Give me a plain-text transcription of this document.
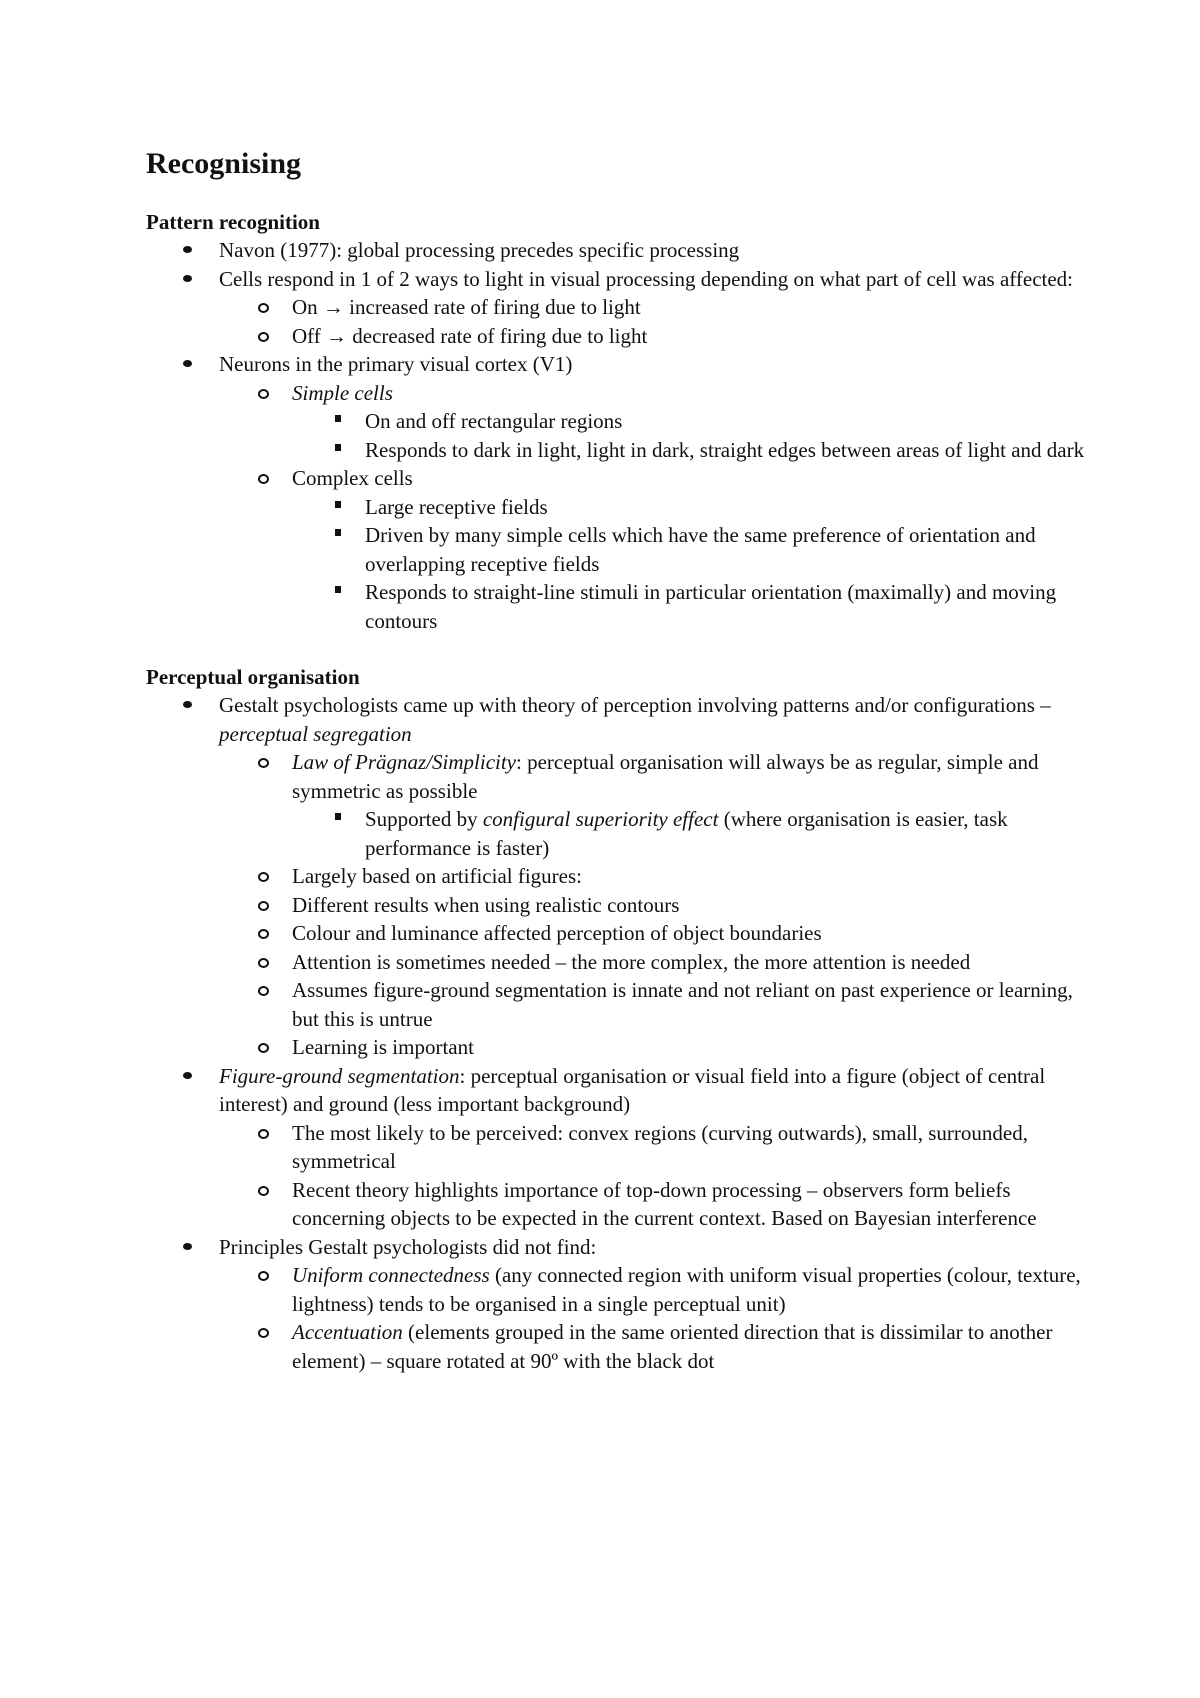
Recognising
Pattern recognition
Navon (1977): global processing precedes specific processing
Cells respond in 1 of 2 ways to light in visual processing depending on what part of cell was affected:
On → increased rate of firing due to light
Off → decreased rate of firing due to light
Neurons in the primary visual cortex (V1)
Simple cells
On and off rectangular regions
Responds to dark in light, light in dark, straight edges between areas of light and dark
Complex cells
Large receptive fields
Driven by many simple cells which have the same preference of orientation and overlapping receptive fields
Responds to straight-line stimuli in particular orientation (maximally) and moving contours
Perceptual organisation
Gestalt psychologists came up with theory of perception involving patterns and/or configurations – perceptual segregation
Law of Prägnaz/Simplicity: perceptual organisation will always be as regular, simple and symmetric as possible
Supported by configural superiority effect (where organisation is easier, task performance is faster)
Largely based on artificial figures:
Different results when using realistic contours
Colour and luminance affected perception of object boundaries
Attention is sometimes needed – the more complex, the more attention is needed
Assumes figure-ground segmentation is innate and not reliant on past experience or learning, but this is untrue
Learning is important
Figure-ground segmentation: perceptual organisation or visual field into a figure (object of central interest) and ground (less important background)
The most likely to be perceived: convex regions (curving outwards), small, surrounded, symmetrical
Recent theory highlights importance of top-down processing – observers form beliefs concerning objects to be expected in the current context. Based on Bayesian interference
Principles Gestalt psychologists did not find:
Uniform connectedness (any connected region with uniform visual properties (colour, texture, lightness) tends to be organised in a single perceptual unit)
Accentuation (elements grouped in the same oriented direction that is dissimilar to another element) – square rotated at 90º with the black dot
